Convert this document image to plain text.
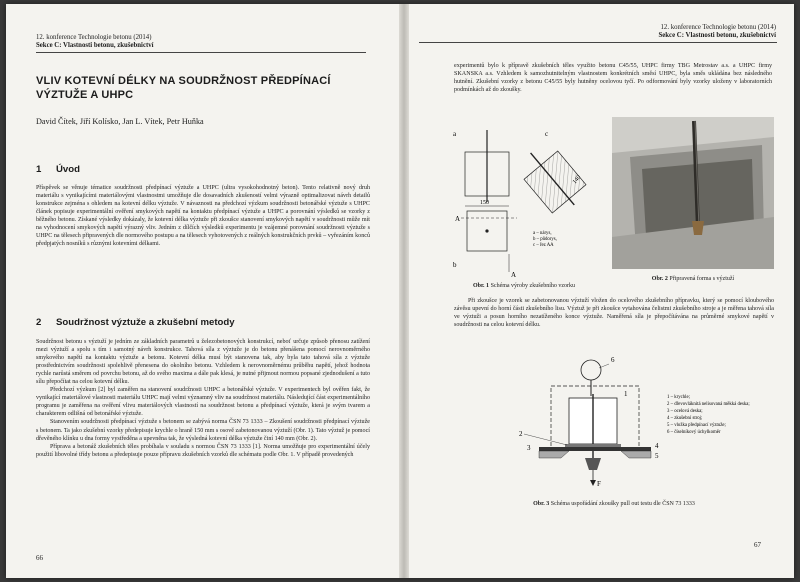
12. konference Technologie betonu (2014)
Sekce C: Vlastnosti betonu, zkušebnictví
VLIV KOTEVNÍ DÉLKY NA SOUDRŽNOST PŘEDPÍNACÍ VÝZTUŽE A UHPC
David Čítek, Jiří Kolísko, Jan L. Vítek, Petr Huňka
1 Úvod

Příspěvek se věnuje tématice soudržnosti předpínací výztuže a UHPC (ultra vysokohodnotný beton). Tento relativně nový druh materiálu s vynikajícími materiálovými vlastnostmi umožňuje dle dosavadních zkušeností velmi výrazně optimalizovat návrh detailů konstrukce zejména s ohledem na kotevní délku výztuže. V návaznosti na předchozí výzkum soudržnosti betonářské výztuže s UHPC článek popisuje experimentální ověření smykových napětí na kontaktu předpínací výztuže a UHPC a porovnání výsledků se vzorky z běžného betonu. Získané výsledky dokázaly, že kotevní délka výztuže při zkoušce stanovení smykových napětí v soudržnosti může mít na vyhodnocení smykových napětí výrazný vliv. Jedním z dílčích výsledků experimentu je vzájemné porovnání soudržnosti výztuže s UHPC na tělesech připravených dle normového postupu a na tělesech vyhotovených z reálných konstrukčních prvků – vyřezáním konců předpjatých nosníků s různými kotevními délkami.

2 Soudržnost výztuže a zkušební metody

Soudržnost betonu s výztuží je jedním ze základních parametrů u železobetonových konstrukcí, neboť určuje způsob přenosu zatížení mezi výztuží a spolu s tím i samotný návrh konstrukce. Tahová síla z výztuže je do betonu přenášena pomocí nerovnoměrného smykového napětí na kontaktu výztuže a betonu. Kotevní délka musí být stanovena tak, aby byla tato tahová síla z výztuže prostřednictvím soudržnosti spolehlivě přenesena do okolního betonu. Vzhledem k nerovnoměrnému průběhu napětí, jehož hodnota rychle narůstá směrem od povrchu betonu, až do svého maxima a dále pak klesá, je nutné přijmout normou popsané zjednodušení a tuto sílu přepočítat na celou kotevní délku.

Předchozí výzkum [2] byl zaměřen na stanovení soudržnosti UHPC a betonářské výztuže. V experimentech byl ověřen fakt, že vynikající materiálové vlastnosti materiálu UHPC mají velmi významný vliv na soudržnost materiálu. Následující část experimentálního programu je zaměřena na ověření vlivu materiálových vlastností na soudržnost betonu a předpínací výztuže, která je svým tvarem a charakterem odlišná od betonářské výztuže.

Stanovením soudržnosti předpínací výztuže s betonem se zabývá norma ČSN 73 1333 – Zkoušení soudržnosti předpínací výztuže s betonem. Ta jako zkušební vzorky předepisuje krychle o hraně 150 mm s osově zabetonovanou výztuží (Obr. 1). Tato výztuž je pomocí dřevěného klínku u dna formy vystředěna a upevněna tak, že výsledná kotevní délka výztuže činí 140 mm (Obr. 2).

Příprava a betonáž zkušebních těles probíhala v souladu s normou ČSN 73 1333 [1]. Norma umožňuje pro experimentální účely použití libovolné třídy betonu a předepisuje pouze přípravu zkušebních vzorků dle schématu podle Obr. 1. V případě provedených

66
12. konference Technologie betonu (2014)
Sekce C: Vlastnosti betonu, zkušebnictví

experimentů bylo k přípravě zkušebních těles využito betonu C45/55, UHPC firmy TBG Metrostav a.s. a UHPC firmy SKANSKA a.s. Vzhledem k samozhutnitelným vlastnostem konkrétních směsí UHPC, byla směs ukládána bez následného hutnění. Zkušební vzorky z betonu C45/55 byly hutněny ocelovou tyčí. Po odformování byly vzorky uloženy v laboratorních podmínkách až do zkoušky.

a
150
A
b
c
140
a – nárys,
b – půdorys,
c – řez AA
A
Obr. 1 Schéma výroby zkušebního vzorku
Obr. 2 Připravená forma s výztuží

Při zkoušce je vzorek se zabetonovanou výztuží vložen do ocelového zkušebního přípravku, který se pomocí kloubového závěsu upevní do horní části zkušebního lisu. Výztuž je při zkoušce vytahována čelistmi zkušebního stroje a je měřena tahová síla ve výztuži a posun horního nezatíženého konce výztuže. Naměřená síla je přepočítávána na průměrné smykové napětí v soudržnosti na celou kotevní délku.

6
F
1
2
3	4
5
1 – krychle;
2 – dřevovláknitá nelisovaná měkká deska;
3 – ocelová deska;
4 – zkušební stroj;
5 – vložka předpínací výztuže;
6 – číselníkový úchylkoměr
Obr. 3 Schéma uspořádání zkoušky pull out testu dle ČSN 73 1333
67
